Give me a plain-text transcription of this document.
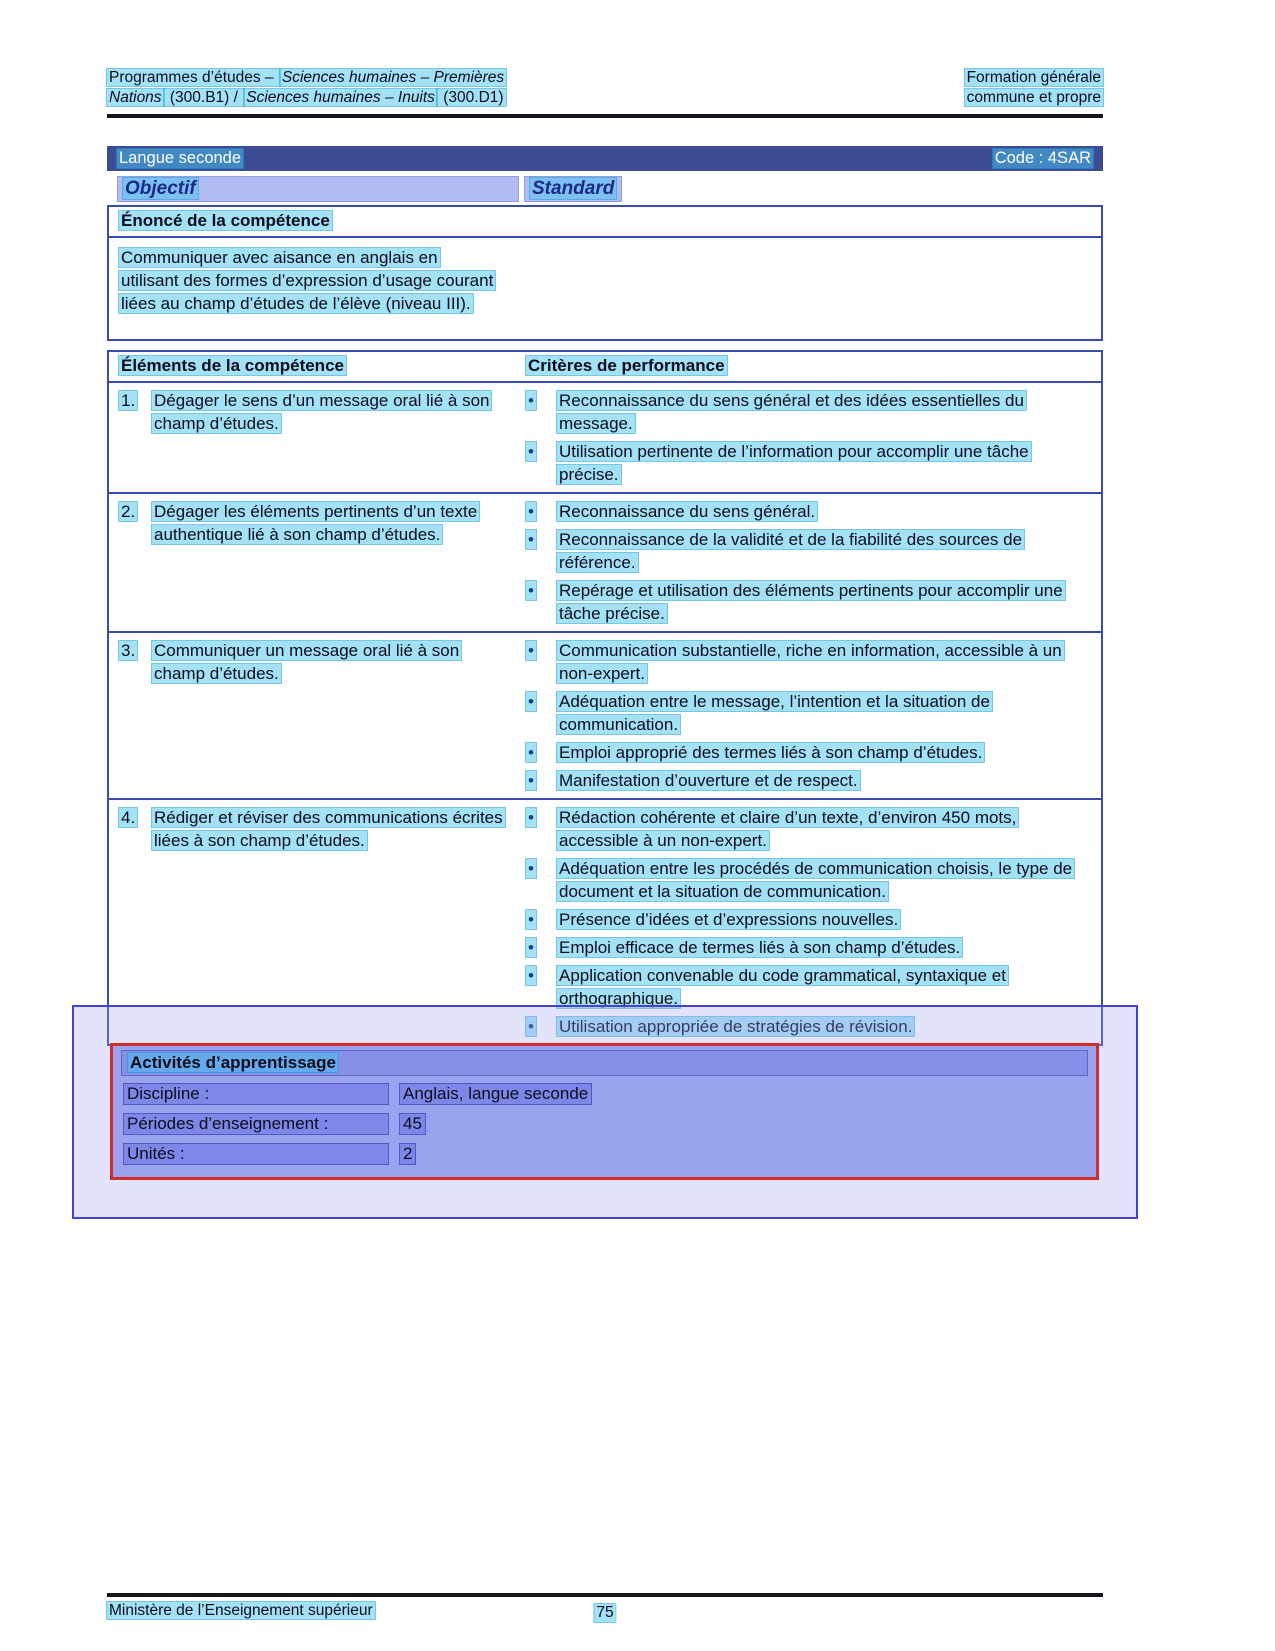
Programmes d’études – Sciences humaines – Premières
Nations (300.B1) / Sciences humaines – Inuits (300.D1)
Formation générale
commune et propre
Langue seconde	Code : 4SAR
Objectif	Standard
Énoncé de la compétence
Communiquer avec aisance en anglais en utilisant des formes d’expression d’usage courant liées au champ d’études de l’élève (niveau III).
Éléments de la compétence	Critères de performance
1.	Dégager le sens d’un message oral lié à son champ d’études.
•	Reconnaissance du sens général et des idées essentielles du message.
•	Utilisation pertinente de l’information pour accomplir une tâche précise.
2.	Dégager les éléments pertinents d’un texte authentique lié à son champ d’études.
•	Reconnaissance du sens général.
•	Reconnaissance de la validité et de la fiabilité des sources de référence.
•	Repérage et utilisation des éléments pertinents pour accomplir une tâche précise.
3.	Communiquer un message oral lié à son champ d’études.
•	Communication substantielle, riche en information, accessible à un non-expert.
•	Adéquation entre le message, l’intention et la situation de communication.
•	Emploi approprié des termes liés à son champ d’études.
•	Manifestation d’ouverture et de respect.
4.	Rédiger et réviser des communications écrites liées à son champ d’études.
•	Rédaction cohérente et claire d’un texte, d’environ 450 mots, accessible à un non-expert.
•	Adéquation entre les procédés de communication choisis, le type de document et la situation de communication.
•	Présence d’idées et d’expressions nouvelles.
•	Emploi efficace de termes liés à son champ d’études.
•	Application convenable du code grammatical, syntaxique et orthographique.
•	Utilisation appropriée de stratégies de révision.
Activités d’apprentissage
Discipline :	Anglais, langue seconde
Périodes d’enseignement :	45
Unités :	2
Ministère de l’Enseignement supérieur	75
